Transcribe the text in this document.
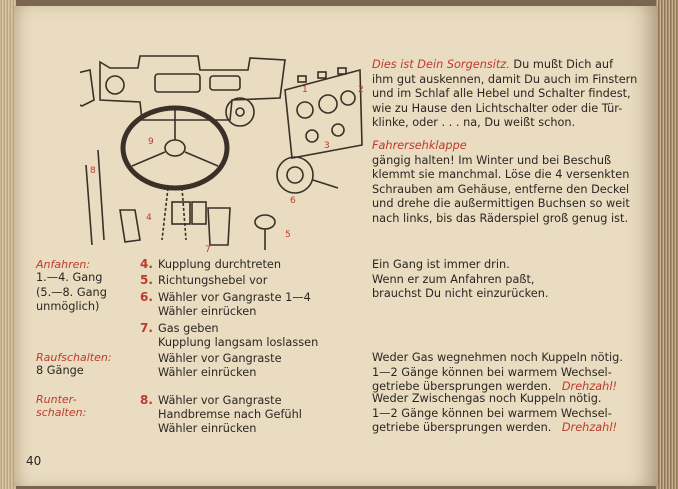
1	2
3
4
5
6
7
8
9
Dies ist Dein Sorgensitz. Du mußt Dich auf
ihm gut auskennen, damit Du auch im Finstern
und im Schlaf alle Hebel und Schalter findest,
wie zu Hause den Lichtschalter oder die Tür-
klinke, oder . . . na, Du weißt schon.
Fahrersehklappe
gängig halten! Im Winter und bei Beschuß
klemmt sie manchmal. Löse die 4 versenkten
Schrauben am Gehäuse, entferne den Deckel
und drehe die außermittigen Buchsen so weit
nach links, bis das Räderspiel groß genug ist.
Anfahren:
1.—4. Gang
(5.—8. Gang
unmöglich)
Raufschalten:
8 Gänge
Runter-
schalten:
4. Kupplung durchtreten
5. Richtungshebel vor
6. Wähler vor Gangraste 1—4
Wähler einrücken
7. Gas geben
Kupplung langsam loslassen
Wähler vor Gangraste
Wähler einrücken
8. Wähler vor Gangraste
Handbremse nach Gefühl
Wähler einrücken
Ein Gang ist immer drin.
Wenn er zum Anfahren paßt,
brauchst Du nicht einzurücken.
Weder Gas wegnehmen noch Kuppeln nötig.
1—2 Gänge können bei warmem Wechsel-
getriebe übersprungen werden. Drehzahl!
Weder Zwischengas noch Kuppeln nötig.
1—2 Gänge können bei warmem Wechsel-
getriebe übersprungen werden. Drehzahl!
40
